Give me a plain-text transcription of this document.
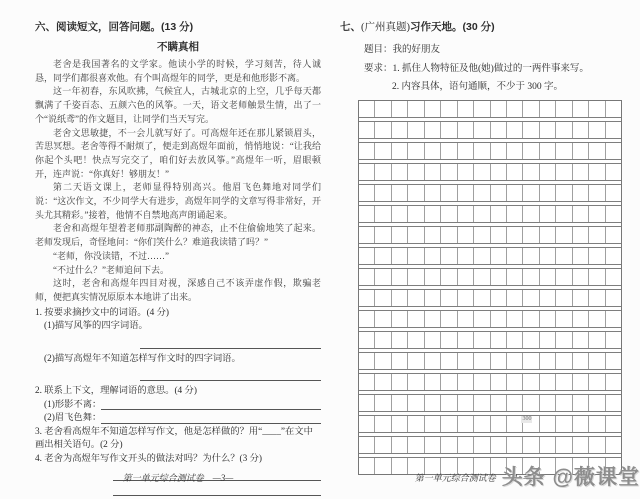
六、阅读短文，回答问题。(13 分)
不瞒真相

老舍是我国著名的文学家。他读小学的时候，学习刻苦，待人诚恳，同学们都很喜欢他。有个叫高煜年的同学，更是和他形影不离。

这一年初春，东风吹拂，气候宜人，古城北京的上空，几乎每天都飘满了千姿百态、五颜六色的风筝。一天，语文老师触景生情，出了一个“说纸鸢”的作文题目，让同学们当天写完。

老舍文思敏捷，不一会儿就写好了。可高煜年还在那儿紧锁眉头，苦思冥想。老舍等得不耐烦了，便走到高煜年面前，悄悄地说：“让我给你起个头吧！快点写完交了，咱们好去放风筝。”高煜年一听，眉眼顿开，连声说：“你真好！够朋友！”

第二天语文课上，老师显得特别高兴。他眉飞色舞地对同学们说：“这次作文，不少同学大有进步，高煜年同学的文章写得非常好，开头尤其精彩。”接着，他情不自禁地高声朗诵起来。

老舍和高煜年望着老师那副陶醉的神态，止不住偷偷地笑了起来。老师发现后，奇怪地问：“你们笑什么？难道我读错了吗？”

“老师，你没读错，不过……”

“不过什么？”老师追问下去。

这时，老舍和高煜年四目对视，深感自己不该弄虚作假，欺骗老师，便把真实情况原原本本地讲了出来。

1. 按要求摘抄文中的词语。(4 分)

(1)描写风筝的四字词语。

(2)描写高煜年不知道怎样写作文时的四字词语。

2. 联系上下文，理解词语的意思。(4 分)

(1)形影不离：
(2)眉飞色舞：

3. 老舍看高煜年不知道怎样写作文，他是怎样做的？用“____”在文中画出相关语句。(2 分)

4. 老舍为高煜年写作文开头的做法对吗？为什么？(3 分)

七、(广州真题)习作天地。(30 分)
题目：我的好朋友
要求：1. 抓住人物特征及他(她)做过的一两件事来写。
2. 内容具体，语句通顺，不少于 300 字。
300
第一单元综合测试卷　—3—	第一单元综合测试卷　—4—
头条 @薇课堂
